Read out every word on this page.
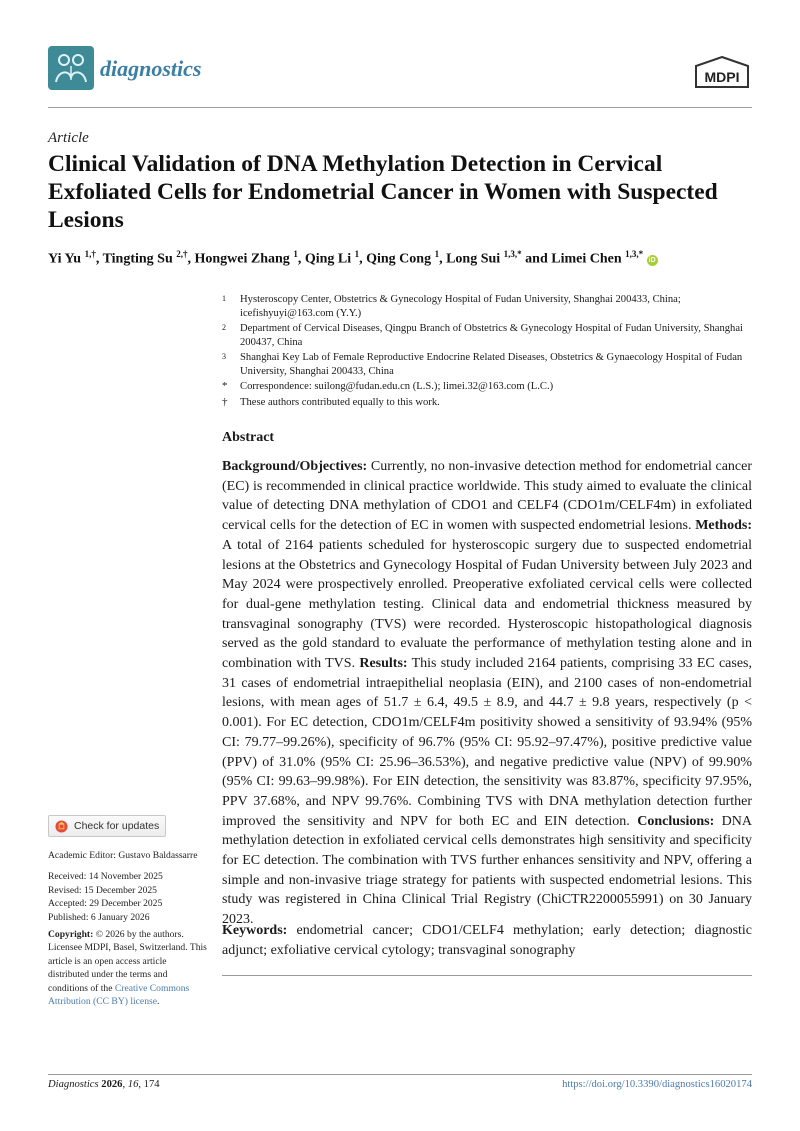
diagnostics	MDPI
Article
Clinical Validation of DNA Methylation Detection in Cervical Exfoliated Cells for Endometrial Cancer in Women with Suspected Lesions
Yi Yu $^{1,\dagger}$, Tingting Su $^{2,\dagger}$, Hongwei Zhang $^1$, Qing Li $^1$, Qing Cong $^1$, Long Sui $^{1,3,*}$ and Limei Chen $^{1,3,*}$ iD
1 Hysteroscopy Center, Obstetrics & Gynecology Hospital of Fudan University, Shanghai 200433, China; icefishyuyi@163.com (Y.Y.)
2 Department of Cervical Diseases, Qingpu Branch of Obstetrics & Gynecology Hospital of Fudan University, Shanghai 200437, China
3 Shanghai Key Lab of Female Reproductive Endocrine Related Diseases, Obstetrics & Gynaecology Hospital of Fudan University, Shanghai 200433, China
* Correspondence: suilong@fudan.edu.cn (L.S.); limei.32@163.com (L.C.)
† These authors contributed equally to this work.
Abstract
Background/Objectives: Currently, no non-invasive detection method for endometrial cancer (EC) is recommended in clinical practice worldwide. This study aimed to evaluate the clinical value of detecting DNA methylation of CDO1 and CELF4 (CDO1m/CELF4m) in exfoliated cervical cells for the detection of EC in women with suspected endometrial lesions. Methods: A total of 2164 patients scheduled for hysteroscopic surgery due to suspected endometrial lesions at the Obstetrics and Gynecology Hospital of Fudan University between July 2023 and May 2024 were prospectively enrolled. Preoperative exfoliated cervical cells were collected for dual-gene methylation testing. Clinical data and endometrial thickness measured by transvaginal sonography (TVS) were recorded. Hysteroscopic histopathological diagnosis served as the gold standard to evaluate the performance of methylation testing alone and in combination with TVS. Results: This study included 2164 patients, comprising 33 EC cases, 31 cases of endometrial intraepithelial neoplasia (EIN), and 2100 cases of non-endometrial lesions, with mean ages of 51.7 ± 6.4, 49.5 ± 8.9, and 44.7 ± 9.8 years, respectively (p < 0.001). For EC detection, CDO1m/CELF4m positivity showed a sensitivity of 93.94% (95% CI: 79.77–99.26%), specificity of 96.7% (95% CI: 95.92–97.47%), positive predictive value (PPV) of 31.0% (95% CI: 25.96–36.53%), and negative predictive value (NPV) of 99.90% (95% CI: 99.63–99.98%). For EIN detection, the sensitivity was 83.87%, specificity 97.95%, PPV 37.68%, and NPV 99.76%. Combining TVS with DNA methylation detection further improved the sensitivity and NPV for both EC and EIN detection. Conclusions: DNA methylation detection in exfoliated cervical cells demonstrates high sensitivity and specificity for EC detection. The combination with TVS further enhances sensitivity and NPV, offering a simple and non-invasive triage strategy for patients with suspected endometrial lesions. This study was registered in China Clinical Trial Registry (ChiCTR2200055991) on 30 January 2023.
Keywords: endometrial cancer; CDO1/CELF4 methylation; early detection; diagnostic adjunct; exfoliative cervical cytology; transvaginal sonography
Check for updates
Academic Editor: Gustavo Baldassarre
Received: 14 November 2025
Revised: 15 December 2025
Accepted: 29 December 2025
Published: 6 January 2026
Copyright: © 2026 by the authors. Licensee MDPI, Basel, Switzerland. This article is an open access article distributed under the terms and conditions of the Creative Commons Attribution (CC BY) license.
Diagnostics 2026, 16, 174	https://doi.org/10.3390/diagnostics16020174
